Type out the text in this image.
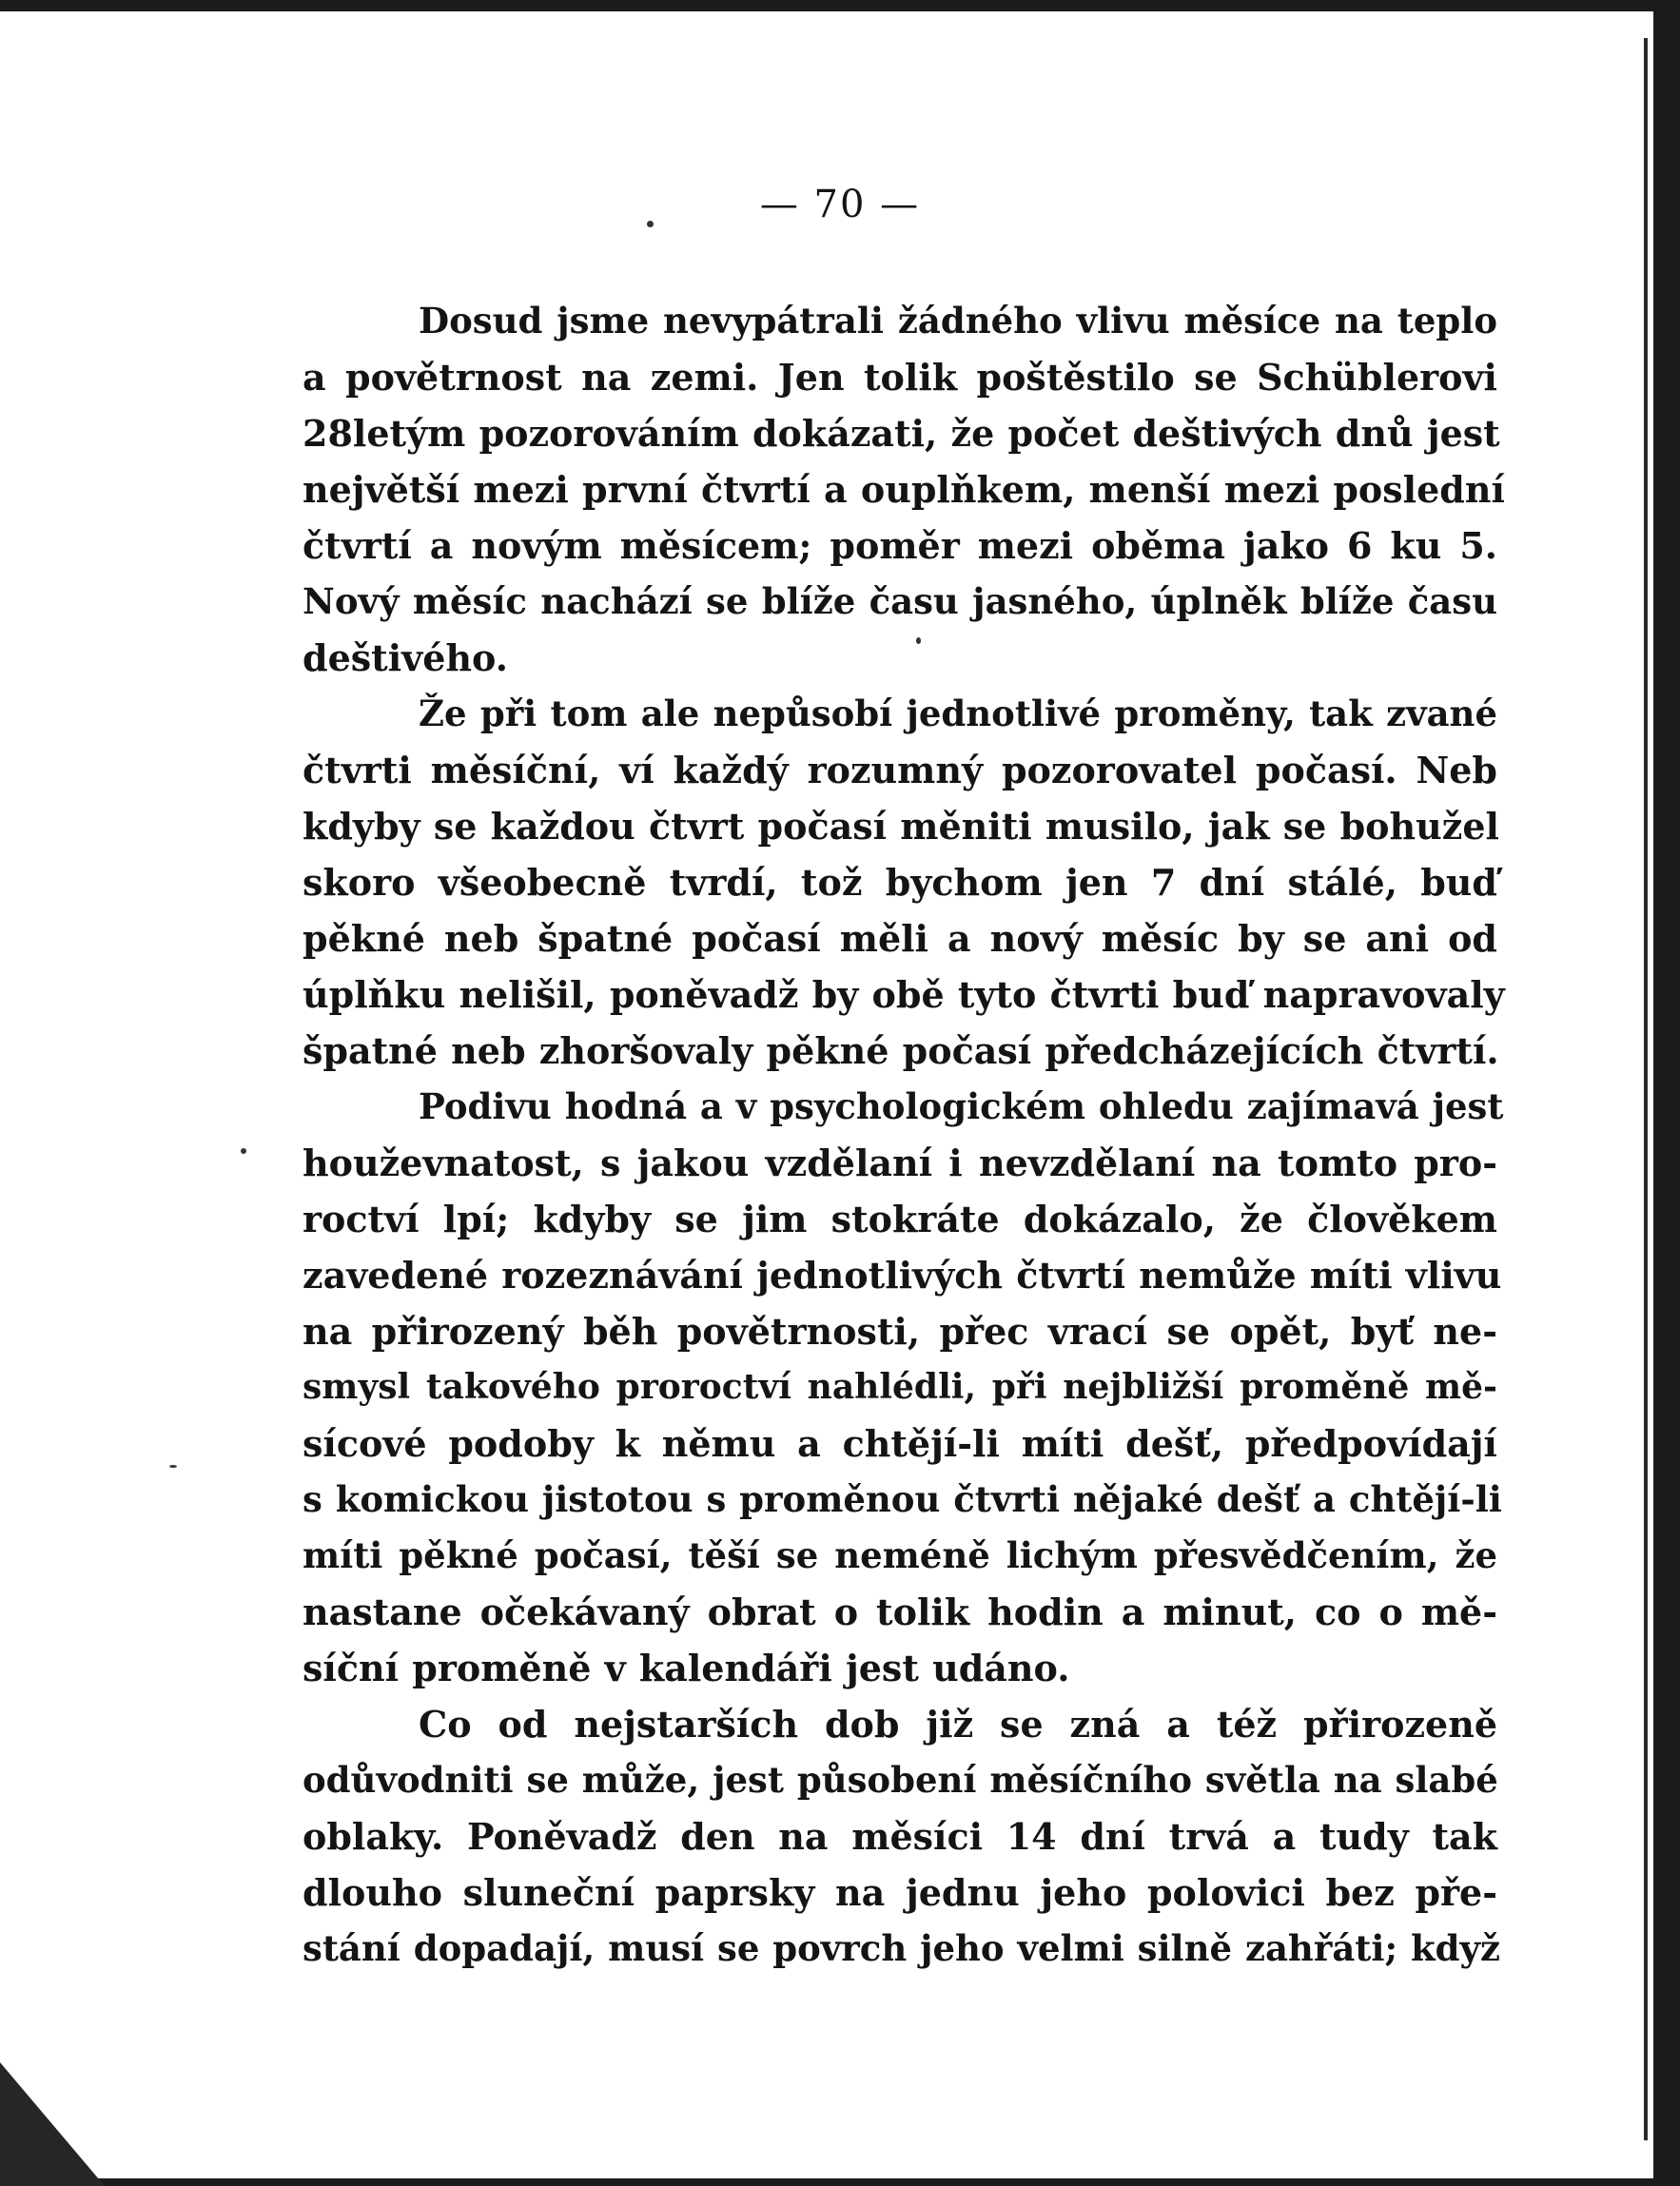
— 70 —
Dosud jsme nevypátrali žádného vlivu měsíce na teplo
a povětrnost na zemi. Jen tolik poštěstilo se Schüblerovi
28letým pozorováním dokázati, že počet deštivých dnů jest
největší mezi první čtvrtí a ouplňkem, menší mezi poslední
čtvrtí a novým měsícem; poměr mezi oběma jako 6 ku 5.
Nový měsíc nachází se blíže času jasného, úplněk blíže času
deštivého.
Že při tom ale nepůsobí jednotlivé proměny, tak zvané
čtvrti měsíční, ví každý rozumný pozorovatel počasí. Neb
kdyby se každou čtvrt počasí měniti musilo, jak se bohužel
skoro všeobecně tvrdí, tož bychom jen 7 dní stálé, buď
pěkné neb špatné počasí měli a nový měsíc by se ani od
úplňku nelišil, poněvadž by obě tyto čtvrti buď napravovaly
špatné neb zhoršovaly pěkné počasí předcházejících čtvrtí.
Podivu hodná a v psychologickém ohledu zajímavá jest
houževnatost, s jakou vzdělaní i nevzdělaní na tomto pro-
roctví lpí; kdyby se jim stokráte dokázalo, že člověkem
zavedené rozeznávání jednotlivých čtvrtí nemůže míti vlivu
na přirozený běh povětrnosti, přec vrací se opět, byť ne-
smysl takového proroctví nahlédli, při nejbližší proměně mě-
sícové podoby k němu a chtějí-li míti dešť, předpovídají
s komickou jistotou s proměnou čtvrti nějaké dešť a chtějí-li
míti pěkné počasí, těší se neméně lichým přesvědčením, že
nastane očekávaný obrat o tolik hodin a minut, co o mě-
síční proměně v kalendáři jest udáno.
Co od nejstarších dob již se zná a též přirozeně
odůvodniti se může, jest působení měsíčního světla na slabé
oblaky. Poněvadž den na měsíci 14 dní trvá a tudy tak
dlouho sluneční paprsky na jednu jeho polovici bez pře-
stání dopadají, musí se povrch jeho velmi silně zahřáti; když
